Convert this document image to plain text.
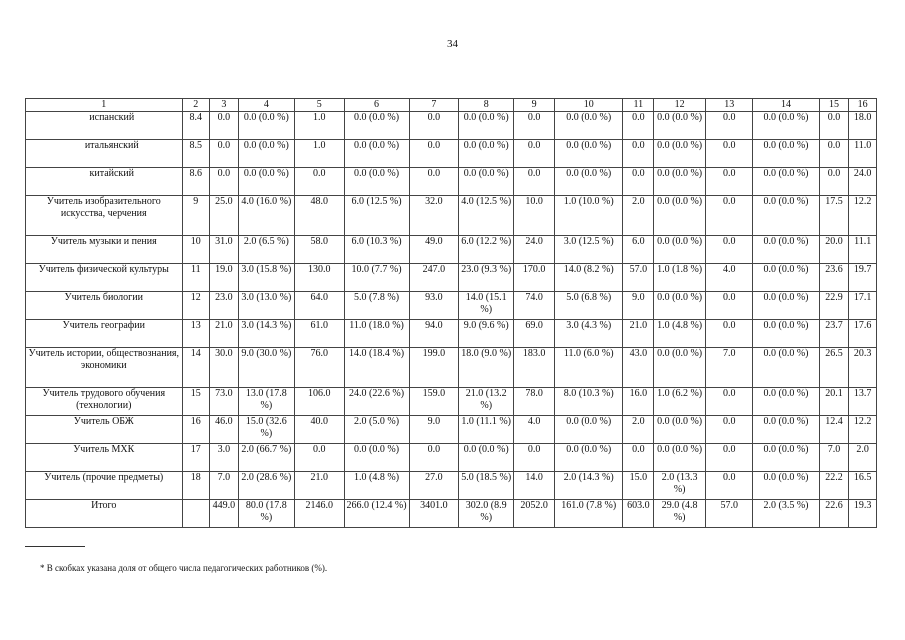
34
1	2	3	4	5	6	7	8	9	10	11	12	13	14	15	16
испанский	8.4	0.0	0.0 (0.0 %)	1.0	0.0 (0.0 %)	0.0	0.0 (0.0 %)	0.0	0.0 (0.0 %)	0.0	0.0 (0.0 %)	0.0	0.0 (0.0 %)	0.0	18.0
итальянский	8.5	0.0	0.0 (0.0 %)	1.0	0.0 (0.0 %)	0.0	0.0 (0.0 %)	0.0	0.0 (0.0 %)	0.0	0.0 (0.0 %)	0.0	0.0 (0.0 %)	0.0	11.0
китайский	8.6	0.0	0.0 (0.0 %)	0.0	0.0 (0.0 %)	0.0	0.0 (0.0 %)	0.0	0.0 (0.0 %)	0.0	0.0 (0.0 %)	0.0	0.0 (0.0 %)	0.0	24.0
Учитель изобразительного искусства, черчения	9	25.0	4.0 (16.0 %)	48.0	6.0 (12.5 %)	32.0	4.0 (12.5 %)	10.0	1.0 (10.0 %)	2.0	0.0 (0.0 %)	0.0	0.0 (0.0 %)	17.5	12.2
Учитель музыки и пения	10	31.0	2.0 (6.5 %)	58.0	6.0 (10.3 %)	49.0	6.0 (12.2 %)	24.0	3.0 (12.5 %)	6.0	0.0 (0.0 %)	0.0	0.0 (0.0 %)	20.0	11.1
Учитель физической культуры	11	19.0	3.0 (15.8 %)	130.0	10.0 (7.7 %)	247.0	23.0 (9.3 %)	170.0	14.0 (8.2 %)	57.0	1.0 (1.8 %)	4.0	0.0 (0.0 %)	23.6	19.7
Учитель биологии	12	23.0	3.0 (13.0 %)	64.0	5.0 (7.8 %)	93.0	14.0 (15.1 %)	74.0	5.0 (6.8 %)	9.0	0.0 (0.0 %)	0.0	0.0 (0.0 %)	22.9	17.1
Учитель географии	13	21.0	3.0 (14.3 %)	61.0	11.0 (18.0 %)	94.0	9.0 (9.6 %)	69.0	3.0 (4.3 %)	21.0	1.0 (4.8 %)	0.0	0.0 (0.0 %)	23.7	17.6
Учитель истории, обществознания, экономики	14	30.0	9.0 (30.0 %)	76.0	14.0 (18.4 %)	199.0	18.0 (9.0 %)	183.0	11.0 (6.0 %)	43.0	0.0 (0.0 %)	7.0	0.0 (0.0 %)	26.5	20.3
Учитель трудового обучения (технологии)	15	73.0	13.0 (17.8 %)	106.0	24.0 (22.6 %)	159.0	21.0 (13.2 %)	78.0	8.0 (10.3 %)	16.0	1.0 (6.2 %)	0.0	0.0 (0.0 %)	20.1	13.7
Учитель ОБЖ	16	46.0	15.0 (32.6 %)	40.0	2.0 (5.0 %)	9.0	1.0 (11.1 %)	4.0	0.0 (0.0 %)	2.0	0.0 (0.0 %)	0.0	0.0 (0.0 %)	12.4	12.2
Учитель МХК	17	3.0	2.0 (66.7 %)	0.0	0.0 (0.0 %)	0.0	0.0 (0.0 %)	0.0	0.0 (0.0 %)	0.0	0.0 (0.0 %)	0.0	0.0 (0.0 %)	7.0	2.0
Учитель (прочие предметы)	18	7.0	2.0 (28.6 %)	21.0	1.0 (4.8 %)	27.0	5.0 (18.5 %)	14.0	2.0 (14.3 %)	15.0	2.0 (13.3 %)	0.0	0.0 (0.0 %)	22.2	16.5
Итого		449.0	80.0 (17.8 %)	2146.0	266.0 (12.4 %)	3401.0	302.0 (8.9 %)	2052.0	161.0 (7.8 %)	603.0	29.0 (4.8 %)	57.0	2.0 (3.5 %)	22.6	19.3
* В скобках указана доля от общего числа педагогических работников (%).
